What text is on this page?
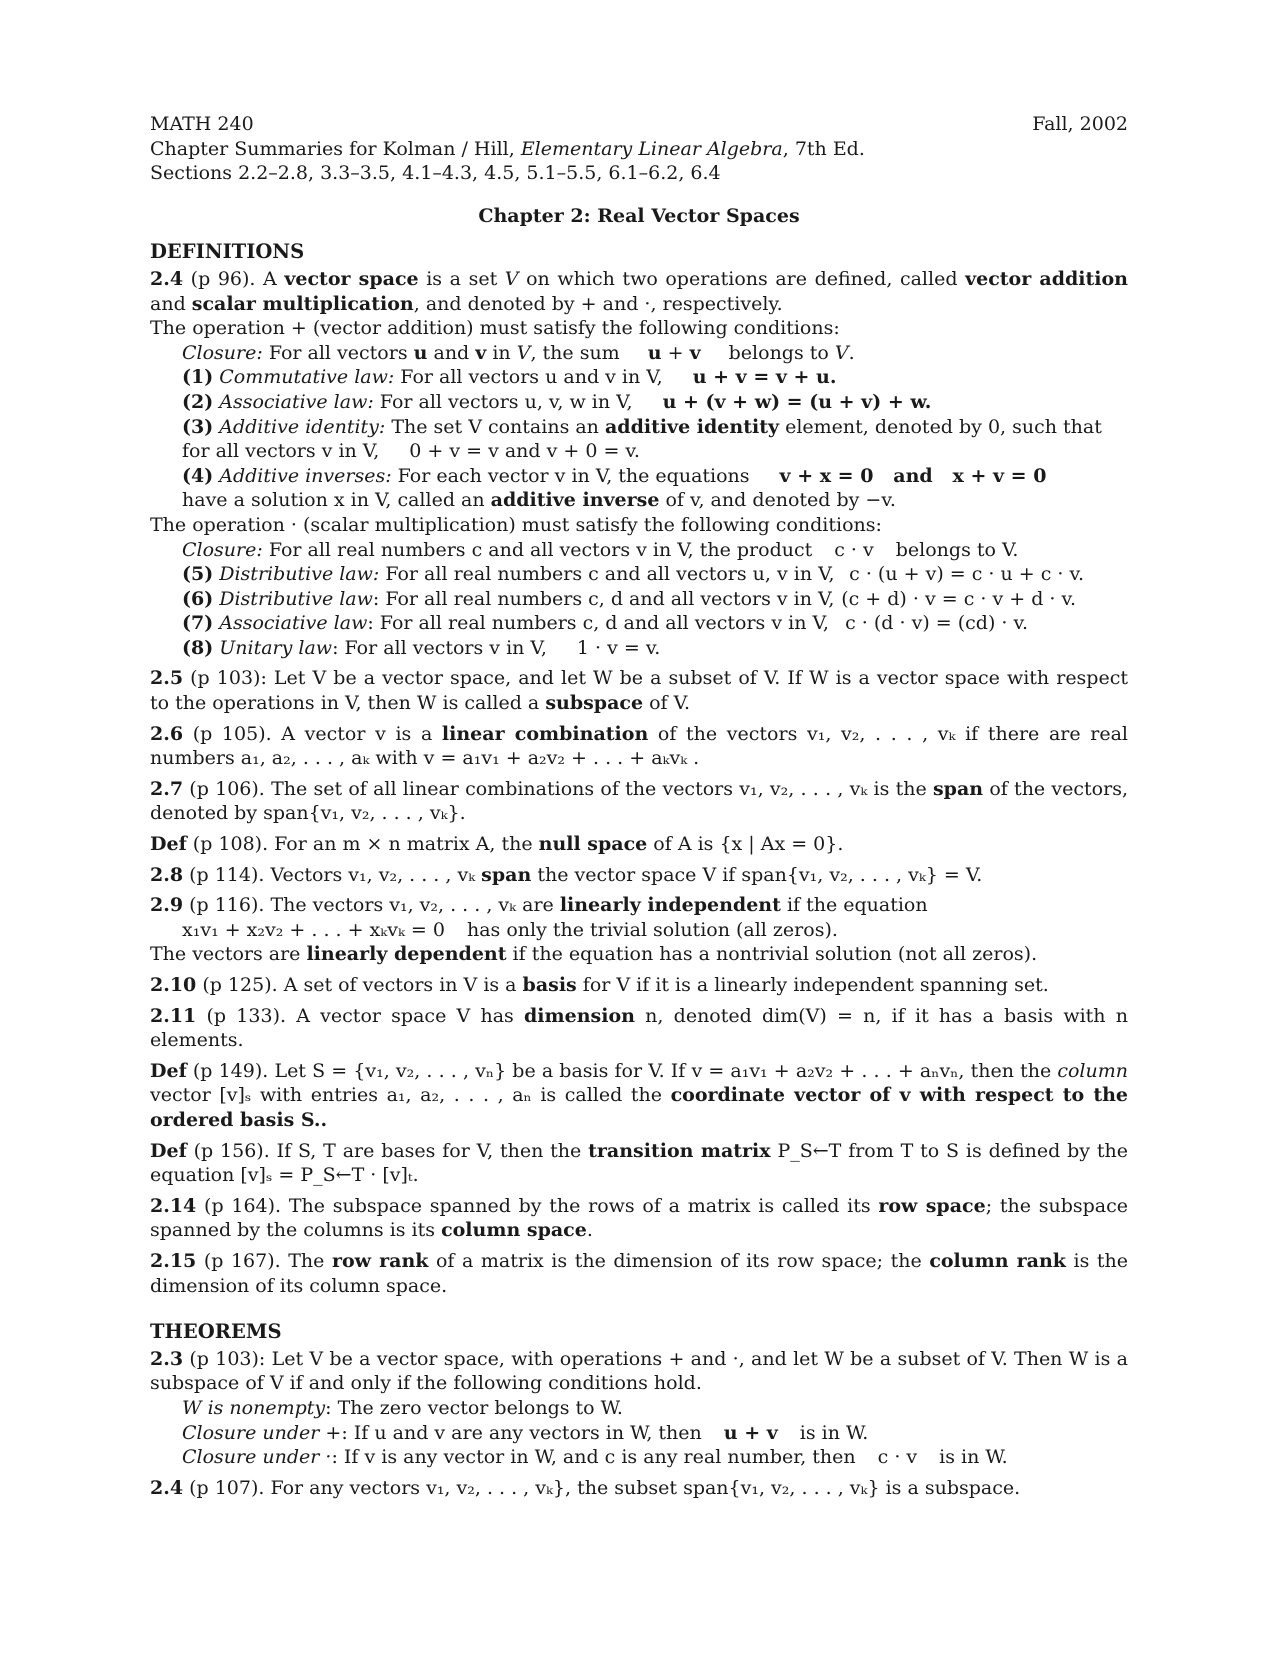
MATH 240	Fall, 2002
Chapter Summaries for Kolman / Hill, Elementary Linear Algebra, 7th Ed.
Sections 2.2–2.8, 3.3–3.5, 4.1–4.3, 4.5, 5.1–5.5, 6.1–6.2, 6.4
Chapter 2: Real Vector Spaces
DEFINITIONS
2.4 (p 96). A vector space is a set V on which two operations are defined, called vector addition and scalar multiplication, and denoted by + and ·, respectively.
The operation + (vector addition) must satisfy the following conditions:
Closure: For all vectors u and v in V, the sum u + v belongs to V.
(1) Commutative law: For all vectors u and v in V, u + v = v + u.
(2) Associative law: For all vectors u, v, w in V, u + (v + w) = (u + v) + w.
(3) Additive identity: The set V contains an additive identity element, denoted by 0, such that
for all vectors v in V, 0 + v = v and v + 0 = v.
(4) Additive inverses: For each vector v in V, the equations v + x = 0   and   x + v = 0
have a solution x in V, called an additive inverse of v, and denoted by −v.
The operation · (scalar multiplication) must satisfy the following conditions:
Closure: For all real numbers c and all vectors v in V, the product c · v belongs to V.
(5) Distributive law: For all real numbers c and all vectors u, v in V, c · (u + v) = c · u + c · v.
(6) Distributive law: For all real numbers c, d and all vectors v in V, (c + d) · v = c · v + d · v.
(7) Associative law: For all real numbers c, d and all vectors v in V, c · (d · v) = (cd) · v.
(8) Unitary law: For all vectors v in V, 1 · v = v.
2.5 (p 103): Let V be a vector space, and let W be a subset of V. If W is a vector space with respect to the operations in V, then W is called a subspace of V.
2.6 (p 105). A vector v is a linear combination of the vectors v₁, v₂, . . . , vₖ if there are real numbers a₁, a₂, . . . , aₖ with v = a₁v₁ + a₂v₂ + . . . + aₖvₖ .
2.7 (p 106). The set of all linear combinations of the vectors v₁, v₂, . . . , vₖ is the span of the vectors, denoted by span{v₁, v₂, . . . , vₖ}.
Def (p 108). For an m × n matrix A, the null space of A is {x | Ax = 0}.
2.8 (p 114). Vectors v₁, v₂, . . . , vₖ span the vector space V if span{v₁, v₂, . . . , vₖ} = V.
2.9 (p 116). The vectors v₁, v₂, . . . , vₖ are linearly independent if the equation
x₁v₁ + x₂v₂ + . . . + xₖvₖ = 0 has only the trivial solution (all zeros).
The vectors are linearly dependent if the equation has a nontrivial solution (not all zeros).
2.10 (p 125). A set of vectors in V is a basis for V if it is a linearly independent spanning set.
2.11 (p 133). A vector space V has dimension n, denoted dim(V) = n, if it has a basis with n elements.
Def (p 149). Let S = {v₁, v₂, . . . , vₙ} be a basis for V. If v = a₁v₁ + a₂v₂ + . . . + aₙvₙ, then the column vector [v]ₛ with entries a₁, a₂, . . . , aₙ is called the coordinate vector of v with respect to the ordered basis S..
Def (p 156). If S, T are bases for V, then the transition matrix P_S←T from T to S is defined by the equation [v]ₛ = P_S←T · [v]ₜ.
2.14 (p 164). The subspace spanned by the rows of a matrix is called its row space; the subspace spanned by the columns is its column space.
2.15 (p 167). The row rank of a matrix is the dimension of its row space; the column rank is the dimension of its column space.
THEOREMS
2.3 (p 103): Let V be a vector space, with operations + and ·, and let W be a subset of V. Then W is a subspace of V if and only if the following conditions hold.
W is nonempty: The zero vector belongs to W.
Closure under +: If u and v are any vectors in W, then u + v is in W.
Closure under ·: If v is any vector in W, and c is any real number, then c · v is in W.
2.4 (p 107). For any vectors v₁, v₂, . . . , vₖ}, the subset span{v₁, v₂, . . . , vₖ} is a subspace.
